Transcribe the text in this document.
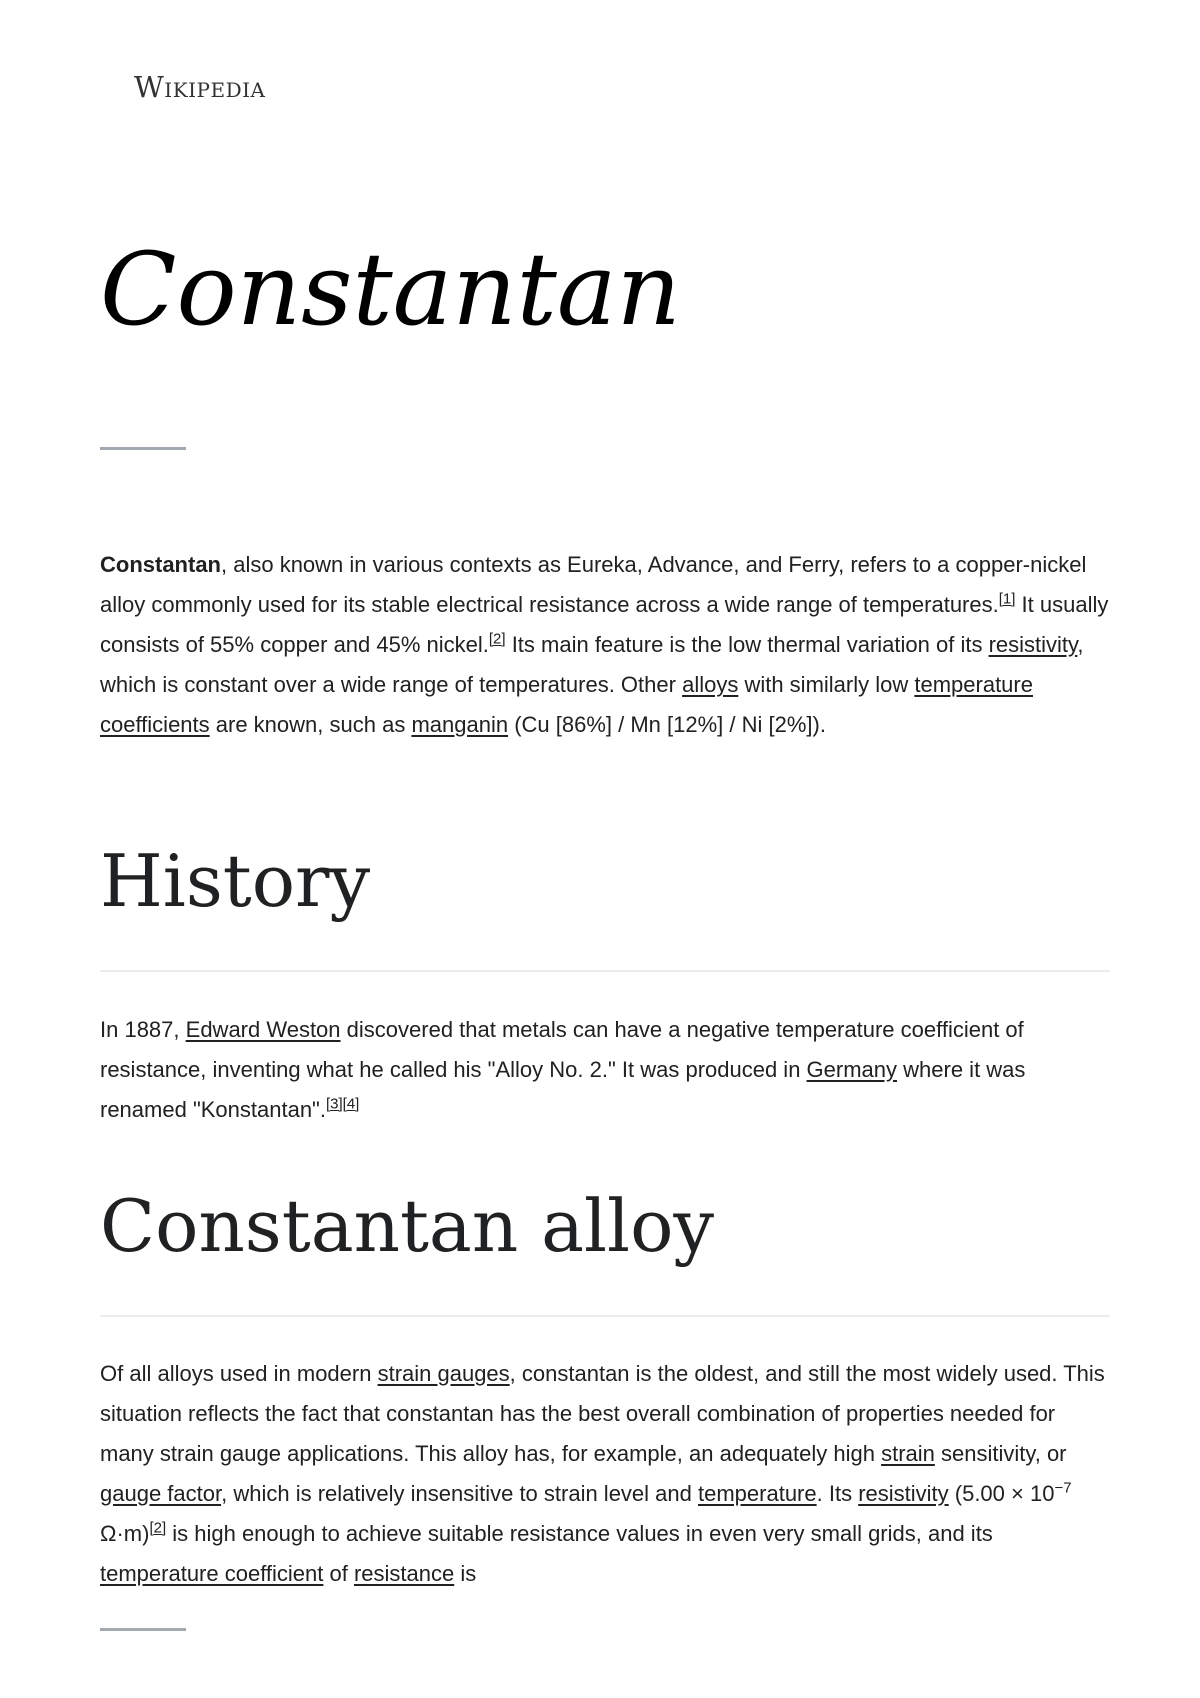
Wikipedia
Constantan

Constantan, also known in various contexts as Eureka, Advance, and Ferry, refers to a copper-nickel alloy commonly used for its stable electrical resistance across a wide range of temperatures.[1] It usually consists of 55% copper and 45% nickel.[2] Its main feature is the low thermal variation of its resistivity, which is constant over a wide range of temperatures. Other alloys with similarly low temperature coefficients are known, such as manganin (Cu [86%] / Mn [12%] / Ni [2%]).

History

In 1887, Edward Weston discovered that metals can have a negative temperature coefficient of resistance, inventing what he called his "Alloy No. 2." It was produced in Germany where it was renamed "Konstantan".[3][4]

Constantan alloy

Of all alloys used in modern strain gauges, constantan is the oldest, and still the most widely used. This situation reflects the fact that constantan has the best overall combination of properties needed for many strain gauge applications. This alloy has, for example, an adequately high strain sensitivity, or gauge factor, which is relatively insensitive to strain level and temperature. Its resistivity ($5.00 \times 10^{-7}$ Ω·m)[2] is high enough to achieve suitable resistance values in even very small grids, and its temperature coefficient of resistance is
